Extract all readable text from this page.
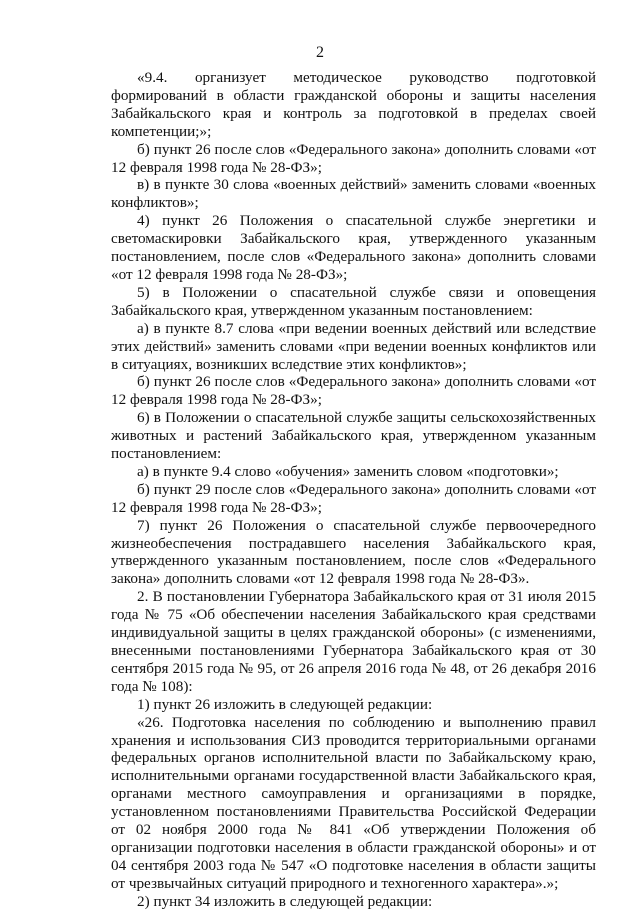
2

«9.4. организует методическое руководство подготовкой формирований в области гражданской обороны и защиты населения Забайкальского края и контроль за подготовкой в пределах своей компетенции;»;

б) пункт 26 после слов «Федерального закона» дополнить словами «от 12 февраля 1998 года № 28-ФЗ»;

в) в пункте 30 слова «военных действий» заменить словами «военных конфликтов»;

4) пункт 26 Положения о спасательной службе энергетики и светомаскировки Забайкальского края, утвержденного указанным постановлением, после слов «Федерального закона» дополнить словами «от 12 февраля 1998 года № 28-ФЗ»;

5) в Положении о спасательной службе связи и оповещения Забайкальского края, утвержденном указанным постановлением:

а) в пункте 8.7 слова «при ведении военных действий или вследствие этих действий» заменить словами «при ведении военных конфликтов или в ситуациях, возникших вследствие этих конфликтов»;

б) пункт 26 после слов «Федерального закона» дополнить словами «от 12 февраля 1998 года № 28-ФЗ»;

6) в Положении о спасательной службе защиты сельскохозяйственных животных и растений Забайкальского края, утвержденном указанным постановлением:

а) в пункте 9.4 слово «обучения» заменить словом «подготовки»;

б) пункт 29 после слов «Федерального закона» дополнить словами «от 12 февраля 1998 года № 28-ФЗ»;

7) пункт 26 Положения о спасательной службе первоочередного жизнеобеспечения пострадавшего населения Забайкальского края, утвержденного указанным постановлением, после слов «Федерального закона» дополнить словами «от 12 февраля 1998 года № 28-ФЗ».

2. В постановлении Губернатора Забайкальского края от 31 июля 2015 года № 75 «Об обеспечении населения Забайкальского края средствами индивидуальной защиты в целях гражданской обороны» (с изменениями, внесенными постановлениями Губернатора Забайкальского края от 30 сентября 2015 года № 95, от 26 апреля 2016 года № 48, от 26 декабря 2016 года № 108):

1) пункт 26 изложить в следующей редакции:

«26. Подготовка населения по соблюдению и выполнению правил хранения и использования СИЗ проводится территориальными органами федеральных органов исполнительной власти по Забайкальскому краю, исполнительными органами государственной власти Забайкальского края, органами местного самоуправления и организациями в порядке, установленном постановлениями Правительства Российской Федерации от 02 ноября 2000 года № 841 «Об утверждении Положения об организации подготовки населения в области гражданской обороны» и от 04 сентября 2003 года № 547 «О подготовке населения в области защиты от чрезвычайных ситуаций природного и техногенного характера».»;

2) пункт 34 изложить в следующей редакции:
